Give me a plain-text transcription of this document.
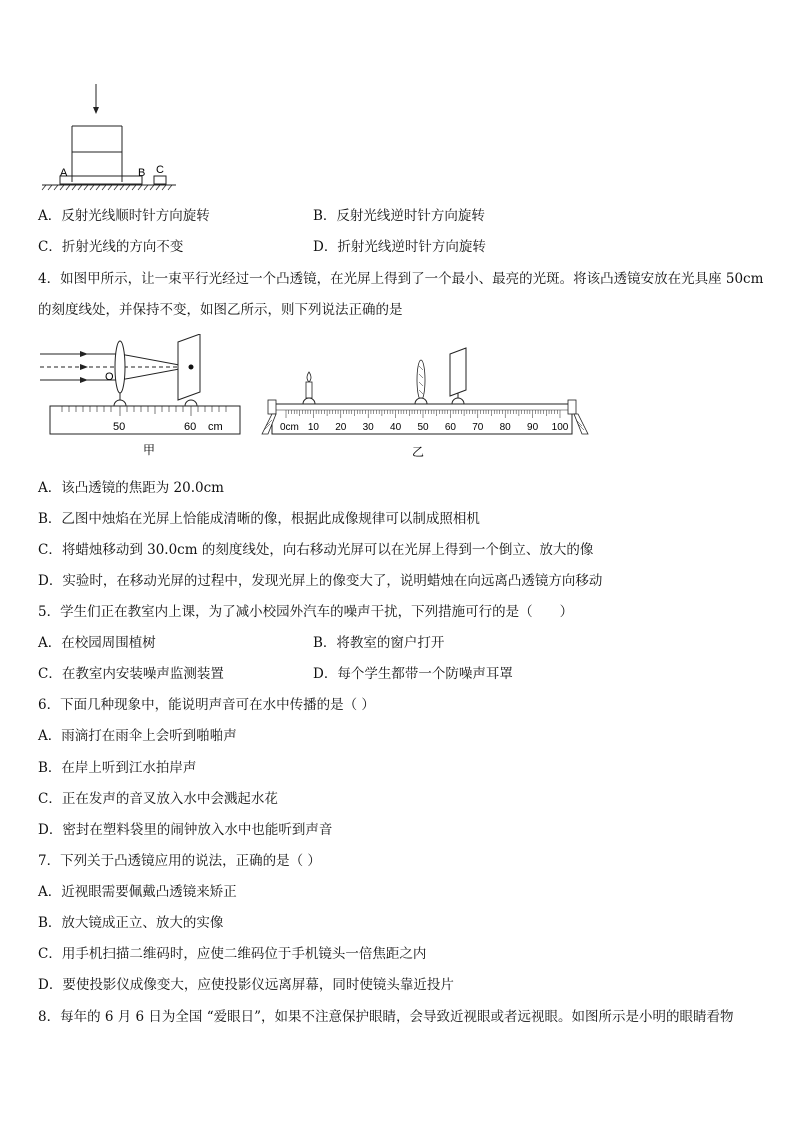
A	B C
A．反射光线顺时针方向旋转	B．反射光线逆时针方向旋转
C．折射光线的方向不变	D．折射光线逆时针方向旋转
4．如图甲所示，让一束平行光经过一个凸透镜，在光屏上得到了一个最小、最亮的光斑。将该凸透镜安放在光具座 50cm
的刻度线处，并保持不变，如图乙所示，则下列说法正确的是
O
50	60 cm
甲
0cm 10 20 30 40 50 60 70 80 90 100
乙
A．该凸透镜的焦距为 20.0cm
B．乙图中烛焰在光屏上恰能成清晰的像，根据此成像规律可以制成照相机
C．将蜡烛移动到 30.0cm 的刻度线处，向右移动光屏可以在光屏上得到一个倒立、放大的像
D．实验时，在移动光屏的过程中，发现光屏上的像变大了，说明蜡烛在向远离凸透镜方向移动
5．学生们正在教室内上课，为了减小校园外汽车的噪声干扰，下列措施可行的是（　　）
A．在校园周围植树	B．将教室的窗户打开
C．在教室内安装噪声监测装置	D．每个学生都带一个防噪声耳罩
6．下面几种现象中，能说明声音可在水中传播的是（ ）
A．雨滴打在雨伞上会听到啪啪声
B．在岸上听到江水拍岸声
C．正在发声的音叉放入水中会溅起水花
D．密封在塑料袋里的闹钟放入水中也能听到声音
7．下列关于凸透镜应用的说法，正确的是（ ）
A．近视眼需要佩戴凸透镜来矫正
B．放大镜成正立、放大的实像
C．用手机扫描二维码时，应使二维码位于手机镜头一倍焦距之内
D．要使投影仪成像变大，应使投影仪远离屏幕，同时使镜头靠近投片
8．每年的 6 月 6 日为全国 “爱眼日”，如果不注意保护眼睛，会导致近视眼或者远视眼。如图所示是小明的眼睛看物
